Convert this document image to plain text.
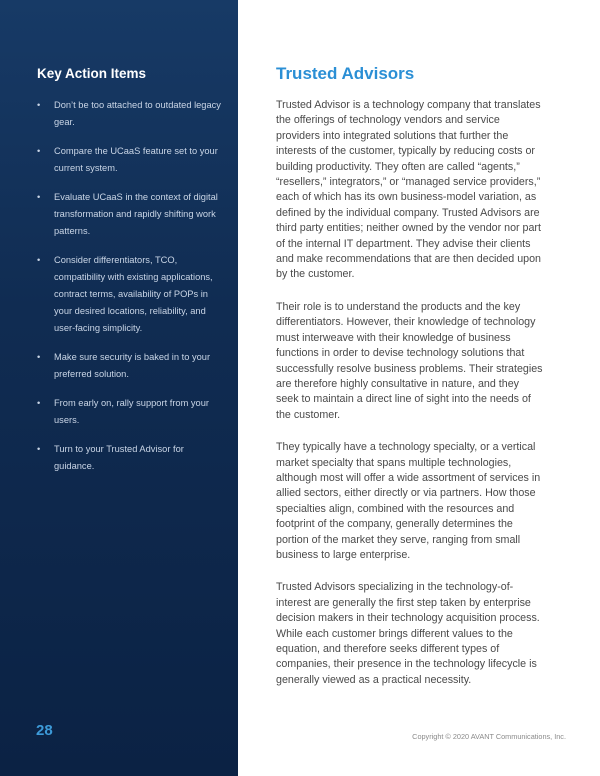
Key Action Items
• Don’t be too attached to outdated legacy gear.
• Compare the UCaaS feature set to your current system.
• Evaluate UCaaS in the context of digital transformation and rapidly shifting work patterns.
• Consider differentiators, TCO, compatibility with existing applications, contract terms, availability of POPs in your desired locations, reliability, and user-facing simplicity.
• Make sure security is baked in to your preferred solution.
• From early on, rally support from your users.
• Turn to your Trusted Advisor for guidance.
28
Trusted Advisors

Trusted Advisor is a technology company that translates the offerings of technology vendors and service providers into integrated solutions that further the interests of the customer, typically by reducing costs or building productivity. They often are called “agents,” “resellers,” integrators,” or “managed service providers,” each of which has its own business-model variation, as defined by the individual company. Trusted Advisors are third party entities; neither owned by the vendor nor part of the internal IT department. They advise their clients and make recommendations that are then decided upon by the customer.

Their role is to understand the products and the key differentiators. However, their knowledge of technology must interweave with their knowledge of business functions in order to devise technology solutions that successfully resolve business problems. Their strategies are therefore highly consultative in nature, and they seek to maintain a direct line of sight into the needs of the customer.

They typically have a technology specialty, or a vertical market specialty that spans multiple technologies, although most will offer a wide assortment of services in allied sectors, either directly or via partners. How those specialties align, combined with the resources and footprint of the company, generally determines the portion of the market they serve, ranging from small business to large enterprise.

Trusted Advisors specializing in the technology-of-interest are generally the first step taken by enterprise decision makers in their technology acquisition process. While each customer brings different values to the equation, and therefore seeks different types of companies, their presence in the technology lifecycle is generally viewed as a practical necessity.

Copyright © 2020 AVANT Communications, Inc.
